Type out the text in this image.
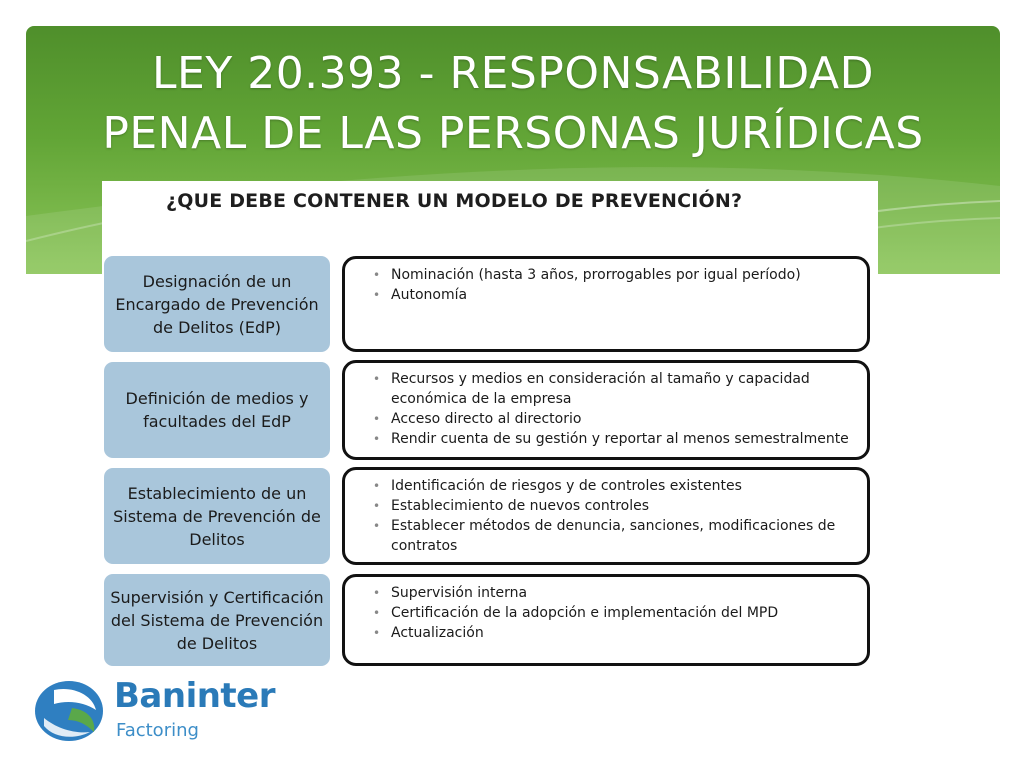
LEY 20.393 - RESPONSABILIDAD
PENAL DE LAS PERSONAS JURÍDICAS
¿QUE DEBE CONTENER UN MODELO DE PREVENCIÓN?
Designación de un Encargado de Prevención de Delitos (EdP)
• Nominación (hasta 3 años, prorrogables por igual período)
• Autonomía
Definición de medios y facultades del EdP
• Recursos y medios en consideración al tamaño y capacidad económica de la empresa
• Acceso directo al directorio
• Rendir cuenta de su gestión y reportar al menos semestralmente
Establecimiento de un Sistema de Prevención de Delitos
• Identificación de riesgos y de controles existentes
• Establecimiento de nuevos controles
• Establecer métodos de denuncia, sanciones, modificaciones de contratos
Supervisión y Certificación del Sistema de Prevención de Delitos
• Supervisión interna
• Certificación de la adopción e implementación del MPD
• Actualización
Baninter
Factoring
